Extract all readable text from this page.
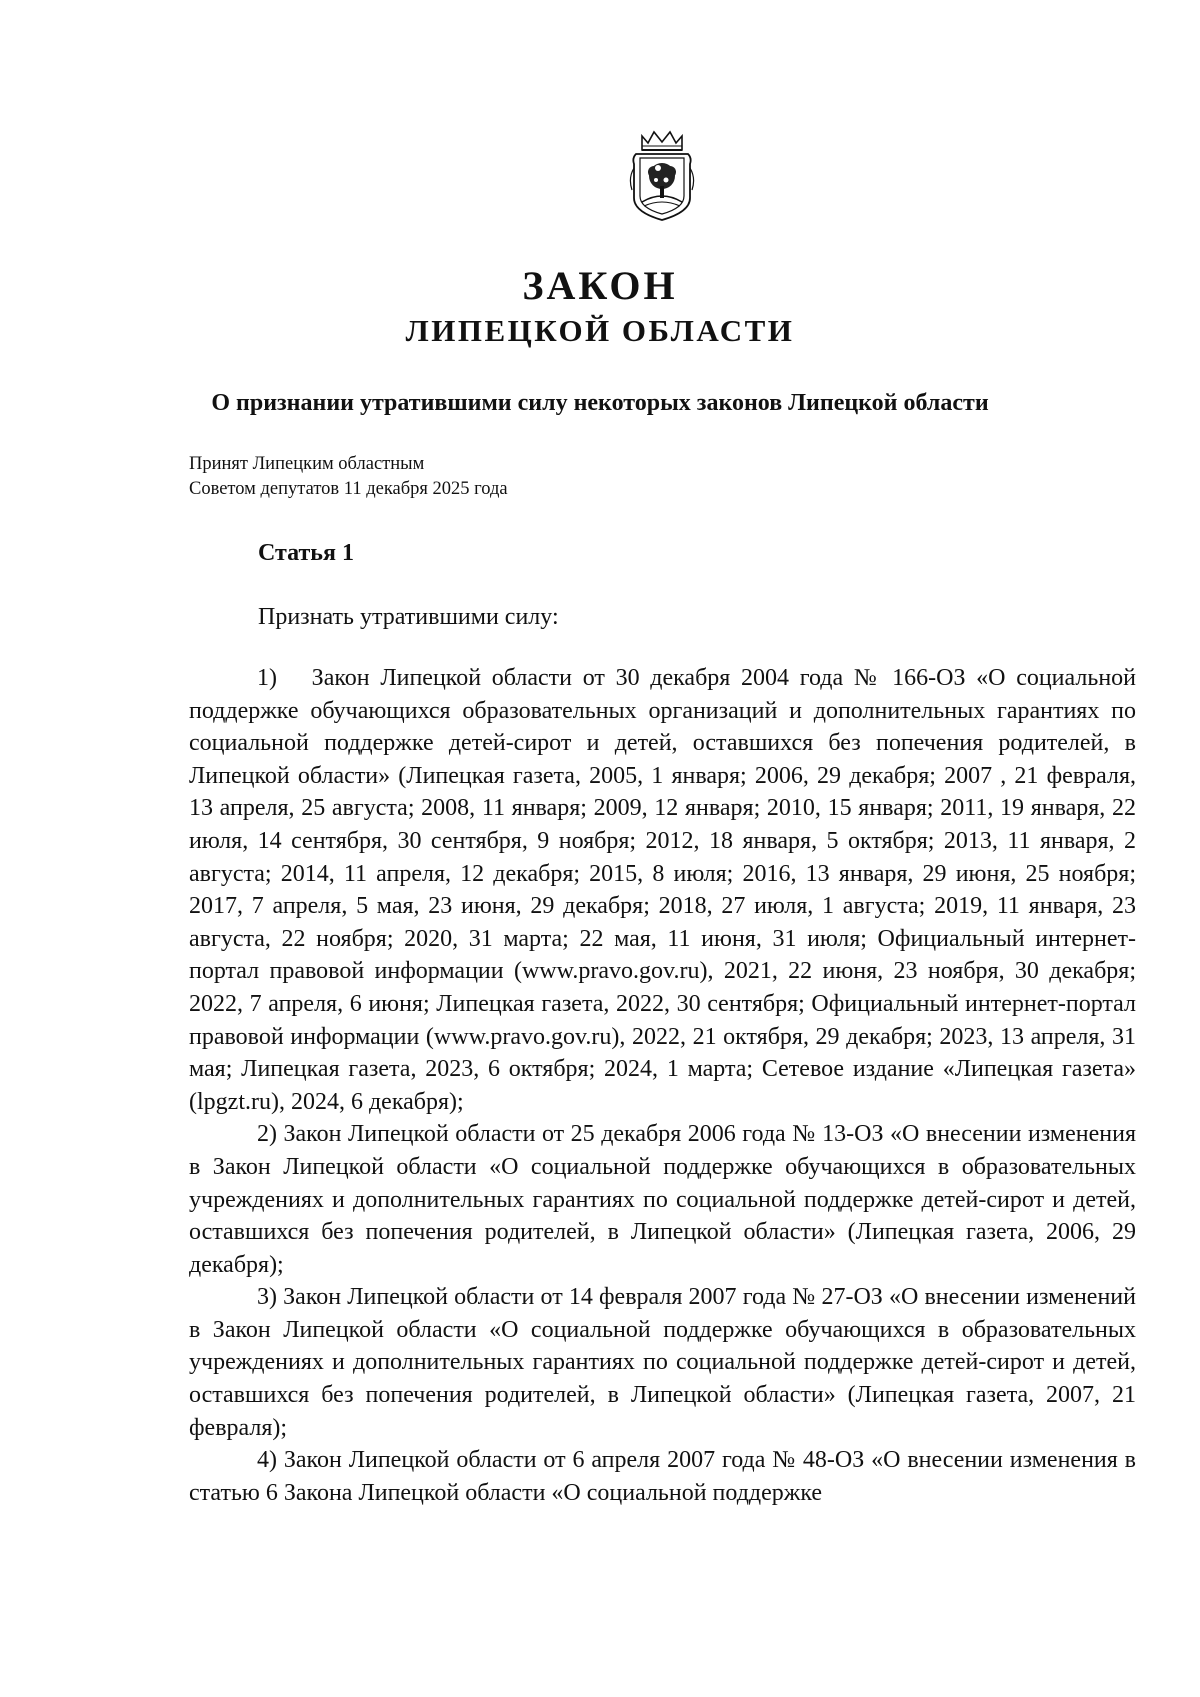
ЗАКОН
ЛИПЕЦКОЙ ОБЛАСТИ
О признании утратившими силу некоторых законов Липецкой области
Принят Липецким областным
Советом депутатов 11 декабря 2025 года
Статья 1
Признать утратившими силу:

1)  Закон Липецкой области от 30 декабря 2004 года № 166-ОЗ «О социальной поддержке обучающихся образовательных организаций и дополнительных гарантиях по социальной поддержке детей-сирот и детей, оставшихся без попечения родителей, в Липецкой области» (Липецкая газета, 2005, 1 января; 2006, 29 декабря; 2007 , 21 февраля, 13 апреля, 25 августа; 2008, 11 января; 2009, 12 января; 2010, 15 января; 2011, 19 января, 22 июля, 14 сентября, 30 сентября, 9 ноября; 2012, 18 января, 5 октября; 2013, 11 января, 2 августа; 2014, 11 апреля, 12 декабря; 2015, 8 июля; 2016, 13 января, 29 июня, 25 ноября; 2017, 7 апреля, 5 мая, 23 июня, 29 декабря; 2018, 27 июля, 1 августа; 2019, 11 января, 23 августа, 22 ноября; 2020, 31 марта; 22 мая, 11 июня, 31 июля; Официальный интернет-портал правовой информации (www.pravo.gov.ru), 2021, 22 июня, 23 ноября, 30 декабря; 2022, 7 апреля, 6 июня; Липецкая газета, 2022, 30 сентября; Официальный интернет-портал правовой информации (www.pravo.gov.ru), 2022, 21 октября, 29 декабря; 2023, 13 апреля, 31 мая; Липецкая газета, 2023, 6 октября; 2024, 1 марта; Сетевое издание «Липецкая газета» (lpgzt.ru), 2024, 6 декабря);

2) Закон Липецкой области от 25 декабря 2006 года № 13-ОЗ «О внесении изменения в Закон Липецкой области «О социальной поддержке обучающихся в образовательных учреждениях и дополнительных гарантиях по социальной поддержке детей-сирот и детей, оставшихся без попечения родителей, в Липецкой области» (Липецкая газета, 2006, 29 декабря);

3) Закон Липецкой области от 14 февраля 2007 года № 27-ОЗ «О внесении изменений в Закон Липецкой области «О социальной поддержке обучающихся в образовательных учреждениях и дополнительных гарантиях по социальной поддержке детей-сирот и детей, оставшихся без попечения родителей, в Липецкой области» (Липецкая газета, 2007, 21 февраля);

4) Закон Липецкой области от 6 апреля 2007 года № 48-ОЗ «О внесении изменения в статью 6 Закона Липецкой области «О социальной поддержке
